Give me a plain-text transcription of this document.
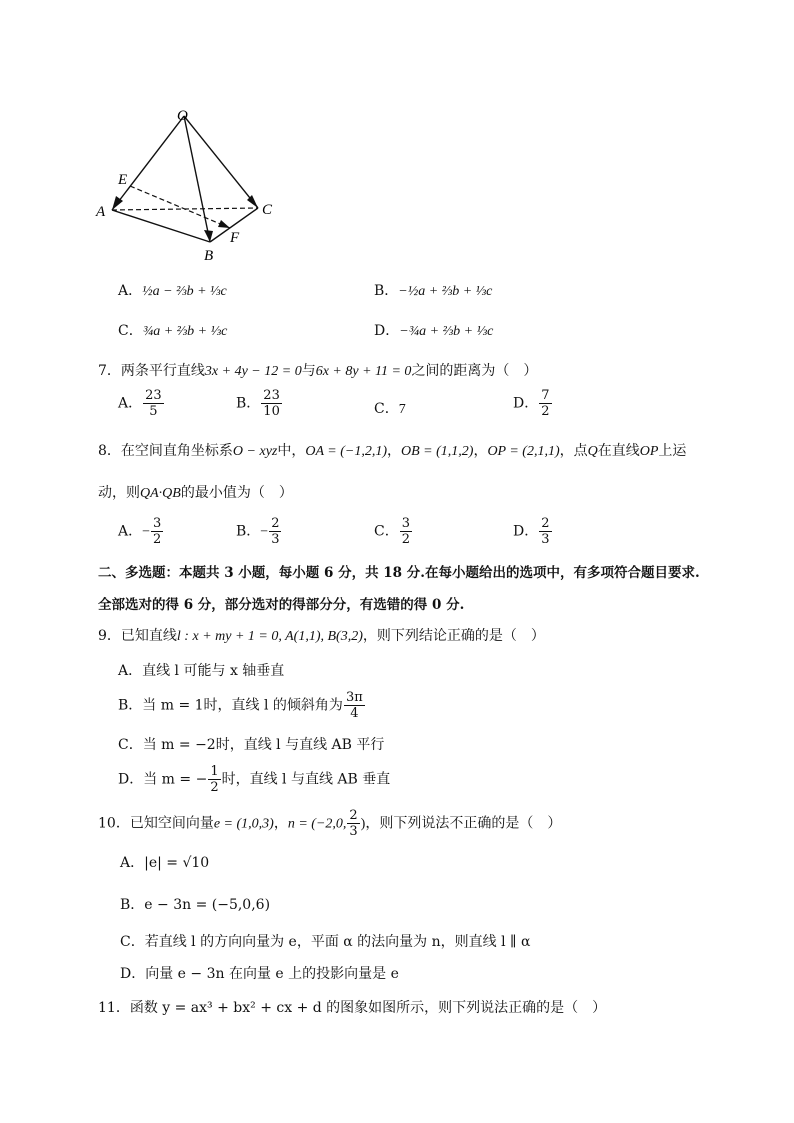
O
E
A	C
F
B
A．½a − ⅔b + ⅓c	B．−½a + ⅔b + ⅓c
C．¾a + ⅔b + ⅓c	D．−¾a + ⅔b + ⅓c
7．两条平行直线3x + 4y − 12 = 0与6x + 8y + 11 = 0之间的距离为（　）
A． $\frac{23}{5}$	B． $\frac{23}{10}$	C．7	D． $\frac{7}{2}$
8．在空间直角坐标系O − xyz中，OA = (−1,2,1)，OB = (1,1,2)，OP = (2,1,1)，点Q在直线OP上运
动，则QA·QB的最小值为（　）
A．− $\frac{3}{2}$	B．− $\frac{2}{3}$	C． $\frac{3}{2}$	D． $\frac{2}{3}$
二、多选题：本题共 3 小题，每小题 6 分，共 18 分.在每小题给出的选项中，有多项符合题目要求.
全部选对的得 6 分，部分选对的得部分分，有选错的得 0 分.
9．已知直线l : x + my + 1 = 0, A(1,1), B(3,2)，则下列结论正确的是（　）
A．直线 l 可能与 x 轴垂直
B．当 m = 1时，直线 l 的倾斜角为 $\frac{3\pi}{4}$
C．当 m = −2时，直线 l 与直线 AB 平行
D．当 m = − $\frac{1}{2}$ 时，直线 l 与直线 AB 垂直
10．已知空间向量e = (1,0,3)，n = (−2,0, $\frac{2}{3}$ )，则下列说法不正确的是（　）
A．|e| = √10
B．e − 3n = (−5,0,6)
C．若直线 l 的方向向量为 e，平面 α 的法向量为 n，则直线 l ∥ α
D．向量 e − 3n 在向量 e 上的投影向量是 e
11．函数 y = ax³ + bx² + cx + d 的图象如图所示，则下列说法正确的是（　）
